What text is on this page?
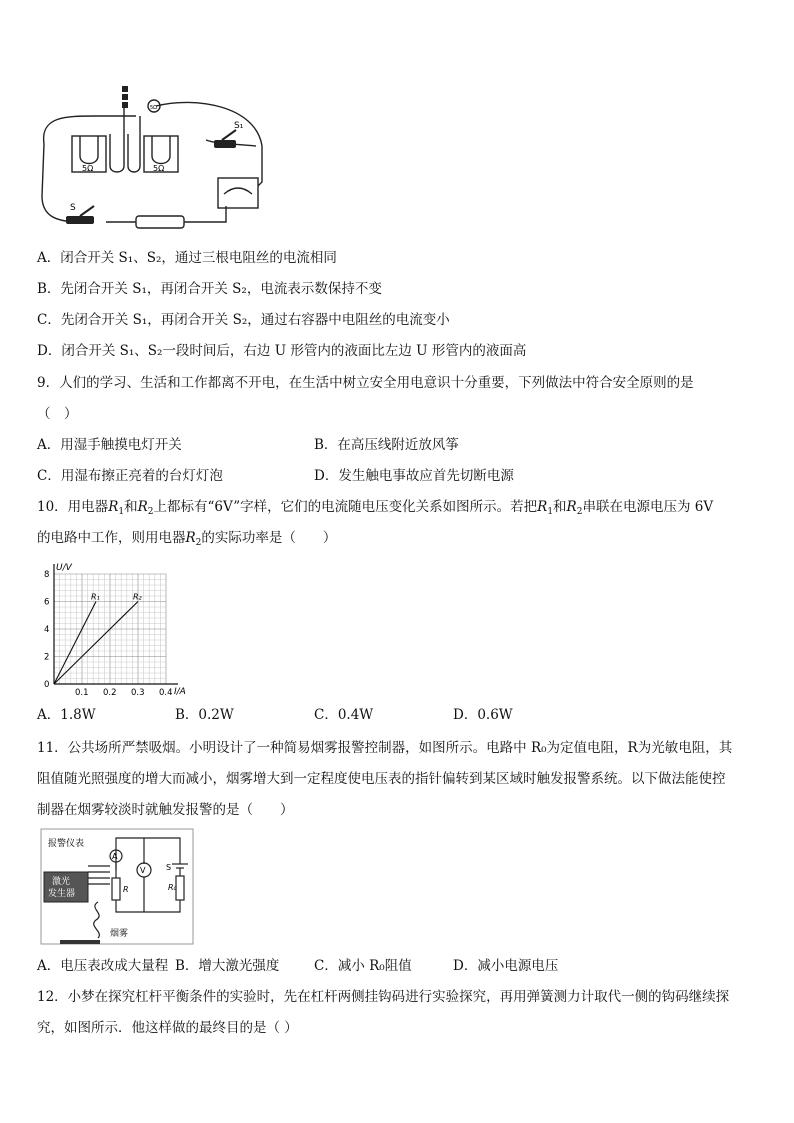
5Ω	5Ω
5Ω
S₁
S
A．闭合开关 S₁、S₂，通过三根电阻丝的电流相同
B．先闭合开关 S₁，再闭合开关 S₂，电流表示数保持不变
C．先闭合开关 S₁，再闭合开关 S₂，通过右容器中电阻丝的电流变小
D．闭合开关 S₁、S₂一段时间后，右边 U 形管内的液面比左边 U 形管内的液面高
9．人们的学习、生活和工作都离不开电，在生活中树立安全用电意识十分重要，下列做法中符合安全原则的是
（　）
A．用湿手触摸电灯开关	B．在高压线附近放风筝
C．用湿布擦正亮着的台灯灯泡	D．发生触电事故应首先切断电源
10．用电器$R_1$和$R_2$上都标有“6V”字样，它们的电流随电压变化关系如图所示。若把$R_1$和$R_2$串联在电源电压为 6V
的电路中工作，则用电器$R_2$的实际功率是（　　）
I/A
U/V
R₁	R₂
0.1 0.2 0.3 0.4
0
2
4
6
8
A．1.8W	B．0.2W	C．0.4W	D．0.6W
11．公共场所严禁吸烟。小明设计了一种简易烟雾报警控制器，如图所示。电路中 R₀为定值电阻，R为光敏电阻，其
阻值随光照强度的增大而减小，烟雾增大到一定程度使电压表的指针偏转到某区域时触发报警系统。以下做法能使控
制器在烟雾较淡时就触发报警的是（　　）
报警仪表
A
V
R	R₀
S
激光
发生器
烟雾
A．电压表改成大量程 B．增大激光强度	C．减小 R₀阻值	D．减小电源电压
12．小梦在探究杠杆平衡条件的实验时，先在杠杆两侧挂钩码进行实验探究，再用弹簧测力计取代一侧的钩码继续探
究，如图所示．他这样做的最终目的是（ ）
